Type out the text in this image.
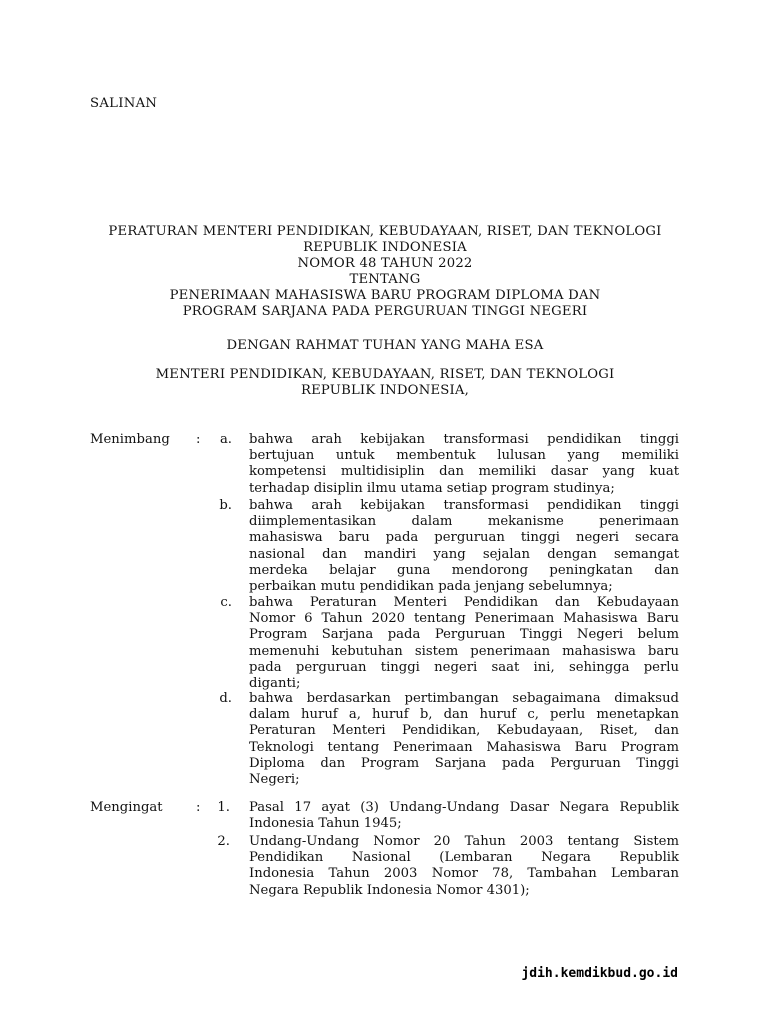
SALINAN
PERATURAN MENTERI PENDIDIKAN, KEBUDAYAAN, RISET, DAN TEKNOLOGI
REPUBLIK INDONESIA
NOMOR 48 TAHUN 2022
TENTANG
PENERIMAAN MAHASISWA BARU PROGRAM DIPLOMA DAN
PROGRAM SARJANA PADA PERGURUAN TINGGI NEGERI
DENGAN RAHMAT TUHAN YANG MAHA ESA
MENTERI PENDIDIKAN, KEBUDAYAAN, RISET, DAN TEKNOLOGI
REPUBLIK INDONESIA,
Menimbang :	a. bahwa arah kebijakan transformasi pendidikan tinggi
bertujuan untuk membentuk lulusan yang memiliki
kompetensi multidisiplin dan memiliki dasar yang kuat
terhadap disiplin ilmu utama setiap program studinya;
b. bahwa arah kebijakan transformasi pendidikan tinggi
diimplementasikan dalam mekanisme penerimaan
mahasiswa baru pada perguruan tinggi negeri secara
nasional dan mandiri yang sejalan dengan semangat
merdeka belajar guna mendorong peningkatan dan
perbaikan mutu pendidikan pada jenjang sebelumnya;
c. bahwa Peraturan Menteri Pendidikan dan Kebudayaan
Nomor 6 Tahun 2020 tentang Penerimaan Mahasiswa Baru
Program Sarjana pada Perguruan Tinggi Negeri belum
memenuhi kebutuhan sistem penerimaan mahasiswa baru
pada perguruan tinggi negeri saat ini, sehingga perlu
diganti;
d. bahwa berdasarkan pertimbangan sebagaimana dimaksud
dalam huruf a, huruf b, dan huruf c, perlu menetapkan
Peraturan Menteri Pendidikan, Kebudayaan, Riset, dan
Teknologi tentang Penerimaan Mahasiswa Baru Program
Diploma dan Program Sarjana pada Perguruan Tinggi
Negeri;
Mengingat	:	1. Pasal 17 ayat (3) Undang-Undang Dasar Negara Republik
Indonesia Tahun 1945;
2. Undang-Undang Nomor 20 Tahun 2003 tentang Sistem
Pendidikan Nasional (Lembaran Negara Republik
Indonesia Tahun 2003 Nomor 78, Tambahan Lembaran
Negara Republik Indonesia Nomor 4301);
jdih.kemdikbud.go.id
